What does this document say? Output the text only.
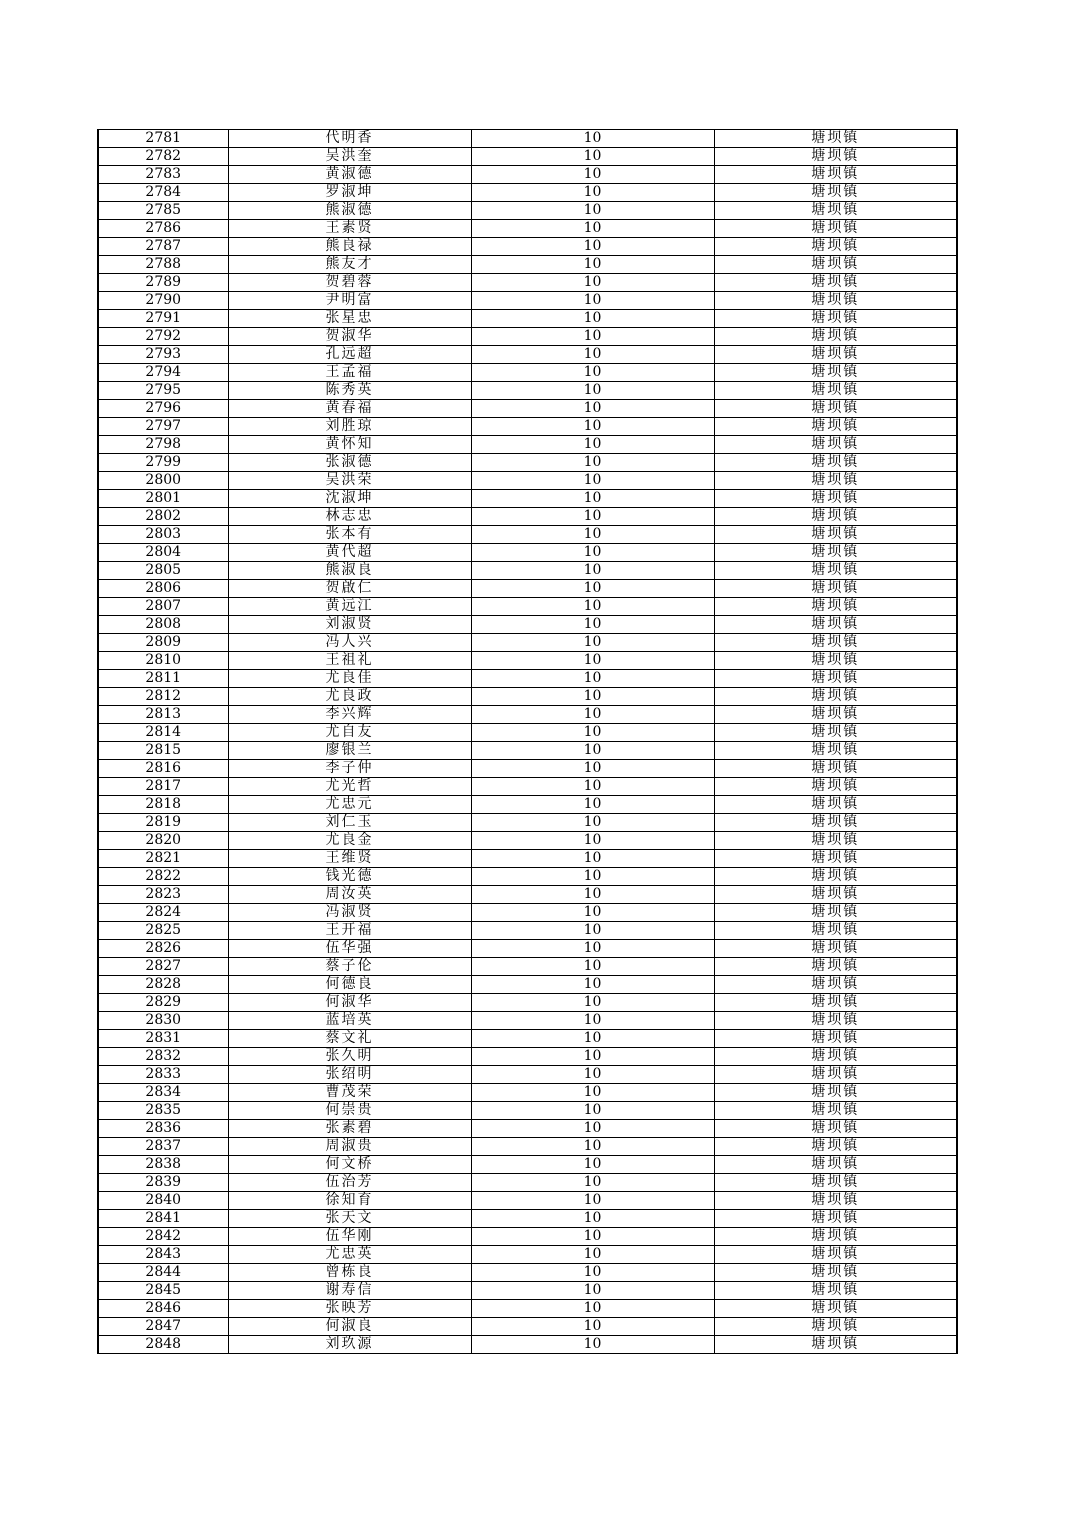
2781	代明香	10	塘坝镇
2782	吴洪奎	10	塘坝镇
2783	黄淑德	10	塘坝镇
2784	罗淑坤	10	塘坝镇
2785	熊淑德	10	塘坝镇
2786	王素贤	10	塘坝镇
2787	熊良禄	10	塘坝镇
2788	熊友才	10	塘坝镇
2789	贺碧蓉	10	塘坝镇
2790	尹明富	10	塘坝镇
2791	张星忠	10	塘坝镇
2792	贺淑华	10	塘坝镇
2793	孔远超	10	塘坝镇
2794	王孟福	10	塘坝镇
2795	陈秀英	10	塘坝镇
2796	黄春福	10	塘坝镇
2797	刘胜琼	10	塘坝镇
2798	黄怀知	10	塘坝镇
2799	张淑德	10	塘坝镇
2800	吴洪荣	10	塘坝镇
2801	沈淑坤	10	塘坝镇
2802	林志忠	10	塘坝镇
2803	张本有	10	塘坝镇
2804	黄代超	10	塘坝镇
2805	熊淑良	10	塘坝镇
2806	贺啟仁	10	塘坝镇
2807	黄远江	10	塘坝镇
2808	刘淑贤	10	塘坝镇
2809	冯人兴	10	塘坝镇
2810	王祖礼	10	塘坝镇
2811	尤良佳	10	塘坝镇
2812	尤良政	10	塘坝镇
2813	李兴辉	10	塘坝镇
2814	尤自友	10	塘坝镇
2815	廖银兰	10	塘坝镇
2816	李子仲	10	塘坝镇
2817	尤光哲	10	塘坝镇
2818	尤忠元	10	塘坝镇
2819	刘仁玉	10	塘坝镇
2820	尤良金	10	塘坝镇
2821	王维贤	10	塘坝镇
2822	钱光德	10	塘坝镇
2823	周汝英	10	塘坝镇
2824	冯淑贤	10	塘坝镇
2825	王开福	10	塘坝镇
2826	伍华强	10	塘坝镇
2827	蔡子伦	10	塘坝镇
2828	何德良	10	塘坝镇
2829	何淑华	10	塘坝镇
2830	蓝培英	10	塘坝镇
2831	蔡文礼	10	塘坝镇
2832	张久明	10	塘坝镇
2833	张绍明	10	塘坝镇
2834	曹茂荣	10	塘坝镇
2835	何崇贵	10	塘坝镇
2836	张素碧	10	塘坝镇
2837	周淑贵	10	塘坝镇
2838	何文桥	10	塘坝镇
2839	伍治芳	10	塘坝镇
2840	徐知育	10	塘坝镇
2841	张天文	10	塘坝镇
2842	伍华刚	10	塘坝镇
2843	尤忠英	10	塘坝镇
2844	曾栋良	10	塘坝镇
2845	谢寿信	10	塘坝镇
2846	张映芳	10	塘坝镇
2847	何淑良	10	塘坝镇
2848	刘玖源	10	塘坝镇
